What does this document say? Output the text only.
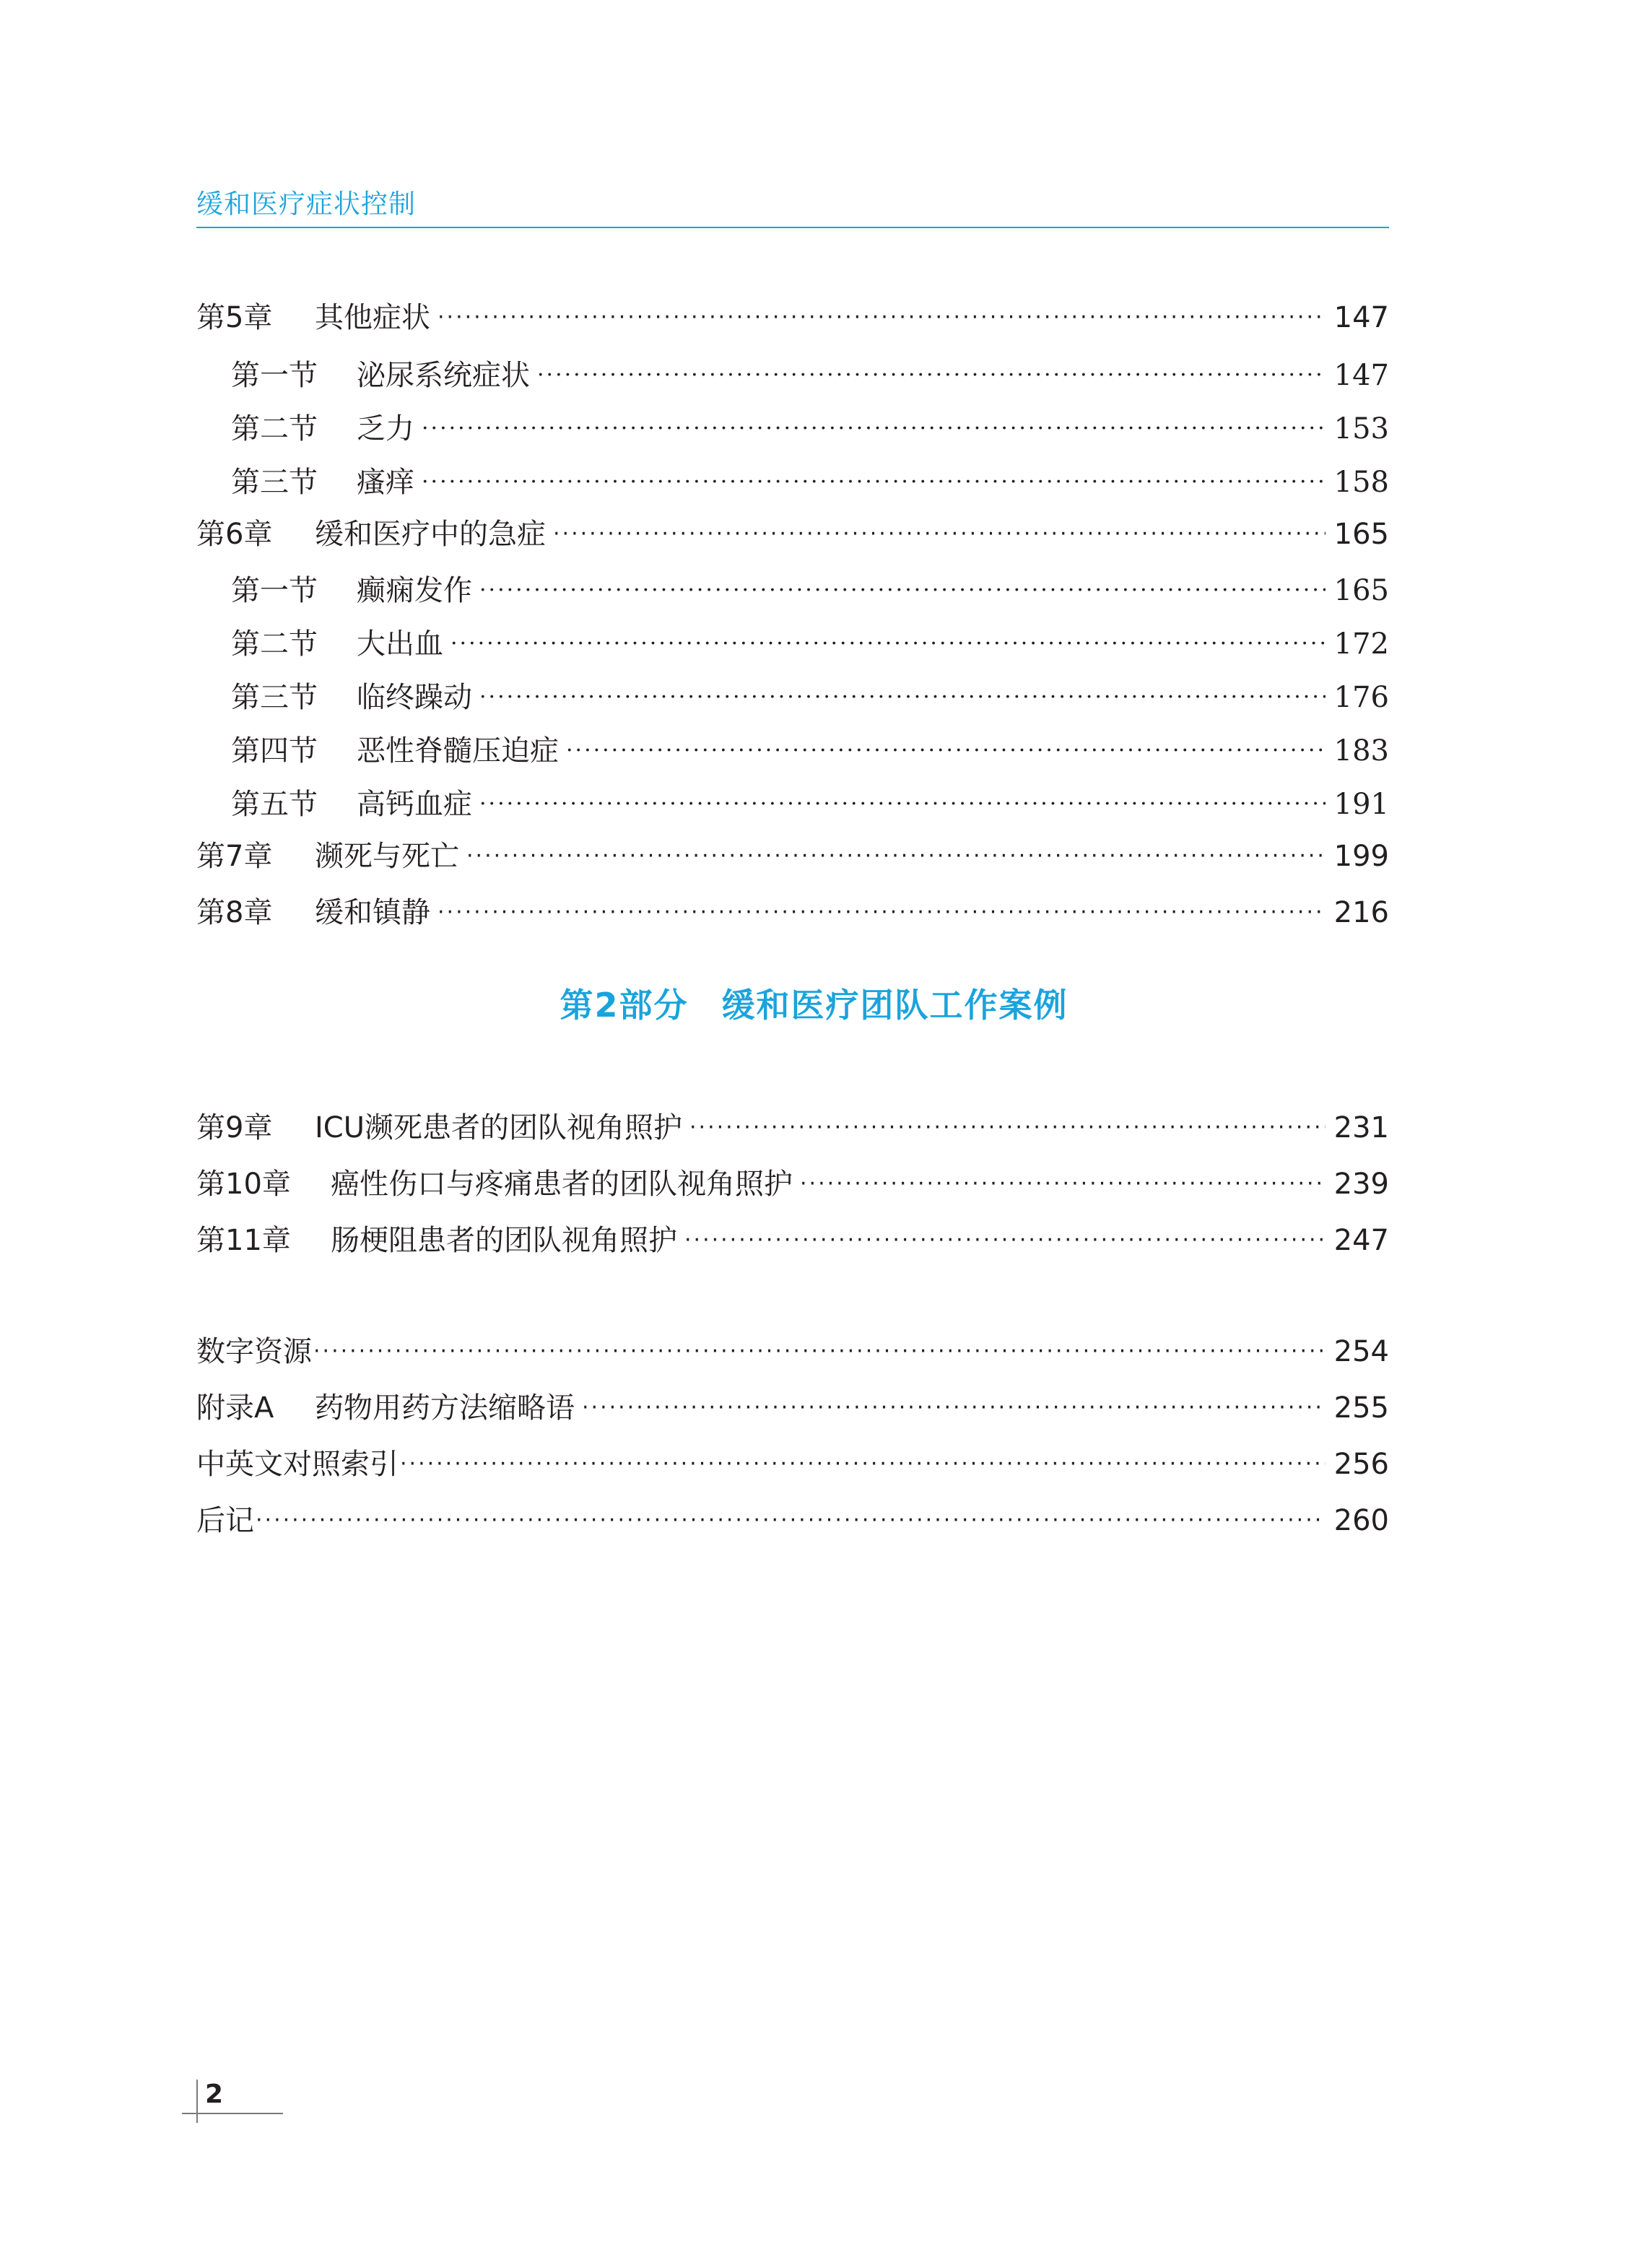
缓和医疗症状控制
第5章	其他症状 ·····	147
第一节	泌尿系统症状 ·····	147
第二节	乏力 ·····	153
第三节	瘙痒 ·····	158
第6章	缓和医疗中的急症 ·····	165
第一节	癫痫发作 ·····	165
第二节	大出血 ·····	172
第三节	临终躁动 ·····	176
第四节	恶性脊髓压迫症 ·····	183
第五节	高钙血症 ·····	191
第7章	濒死与死亡 ·····	199
第8章	缓和镇静 ·····	216
第9章	ICU濒死患者的团队视角照护 ·····	231
第10章	癌性伤口与疼痛患者的团队视角照护 ·····	239
第11章	肠梗阻患者的团队视角照护 ·····	247
数字资源 ·····	254
附录A	药物用药方法缩略语 ·····	255
中英文对照索引 ·····	256
后记 ·····	260
第2部分 缓和医疗团队工作案例
2
